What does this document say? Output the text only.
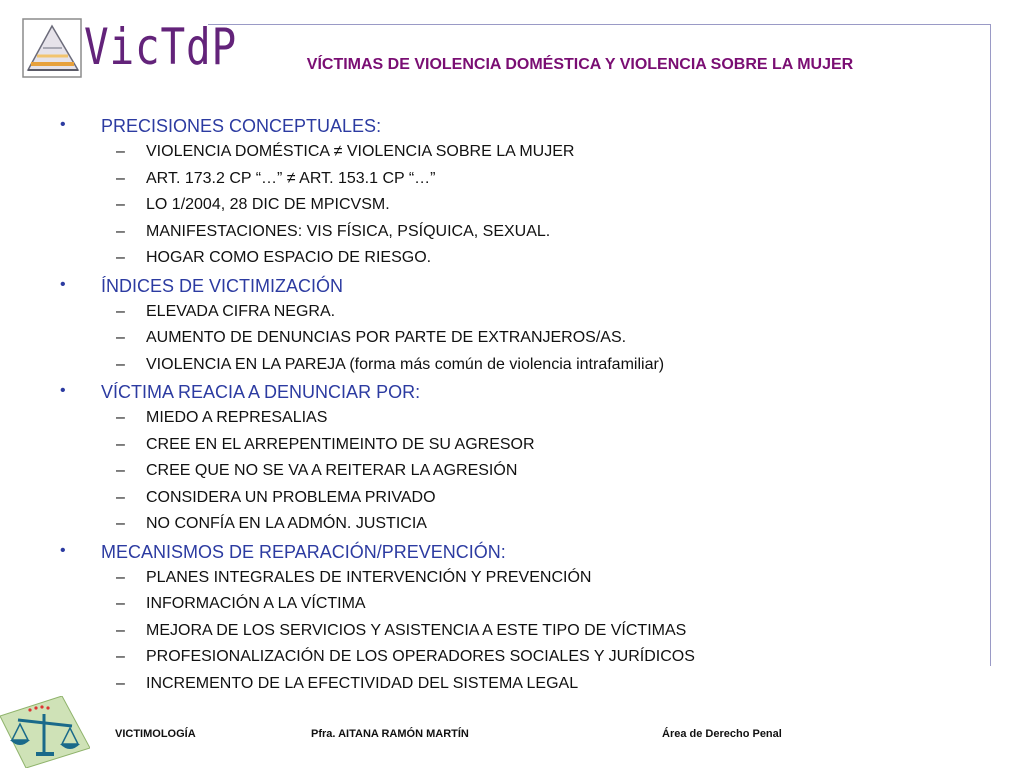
VicTdP	VÍCTIMAS DE VIOLENCIA DOMÉSTICA Y VIOLENCIA SOBRE LA MUJER
• PRECISIONES CONCEPTUALES:
– VIOLENCIA DOMÉSTICA ≠ VIOLENCIA SOBRE LA MUJER
– ART. 173.2 CP “…” ≠ ART. 153.1 CP “…”
– LO 1/2004, 28 DIC DE MPICVSM.
– MANIFESTACIONES: VIS FÍSICA, PSÍQUICA, SEXUAL.
– HOGAR COMO ESPACIO DE RIESGO.
• ÍNDICES DE VICTIMIZACIÓN
– ELEVADA CIFRA NEGRA.
– AUMENTO DE DENUNCIAS POR PARTE DE EXTRANJEROS/AS.
– VIOLENCIA EN LA PAREJA (forma más común de violencia intrafamiliar)
• VÍCTIMA REACIA A DENUNCIAR POR:
– MIEDO A REPRESALIAS
– CREE EN EL ARREPENTIMEINTO DE SU AGRESOR
– CREE QUE NO SE VA A REITERAR LA AGRESIÓN
– CONSIDERA UN PROBLEMA PRIVADO
– NO CONFÍA EN LA ADMÓN. JUSTICIA
• MECANISMOS DE REPARACIÓN/PREVENCIÓN:
– PLANES INTEGRALES DE INTERVENCIÓN Y PREVENCIÓN
– INFORMACIÓN A LA VÍCTIMA
– MEJORA DE LOS SERVICIOS Y ASISTENCIA A ESTE TIPO DE VÍCTIMAS
– PROFESIONALIZACIÓN DE LOS OPERADORES SOCIALES Y JURÍDICOS
– INCREMENTO DE LA EFECTIVIDAD DEL SISTEMA LEGAL
VICTIMOLOGÍA	Pfra. AITANA RAMÓN MARTÍN	Área de Derecho Penal
